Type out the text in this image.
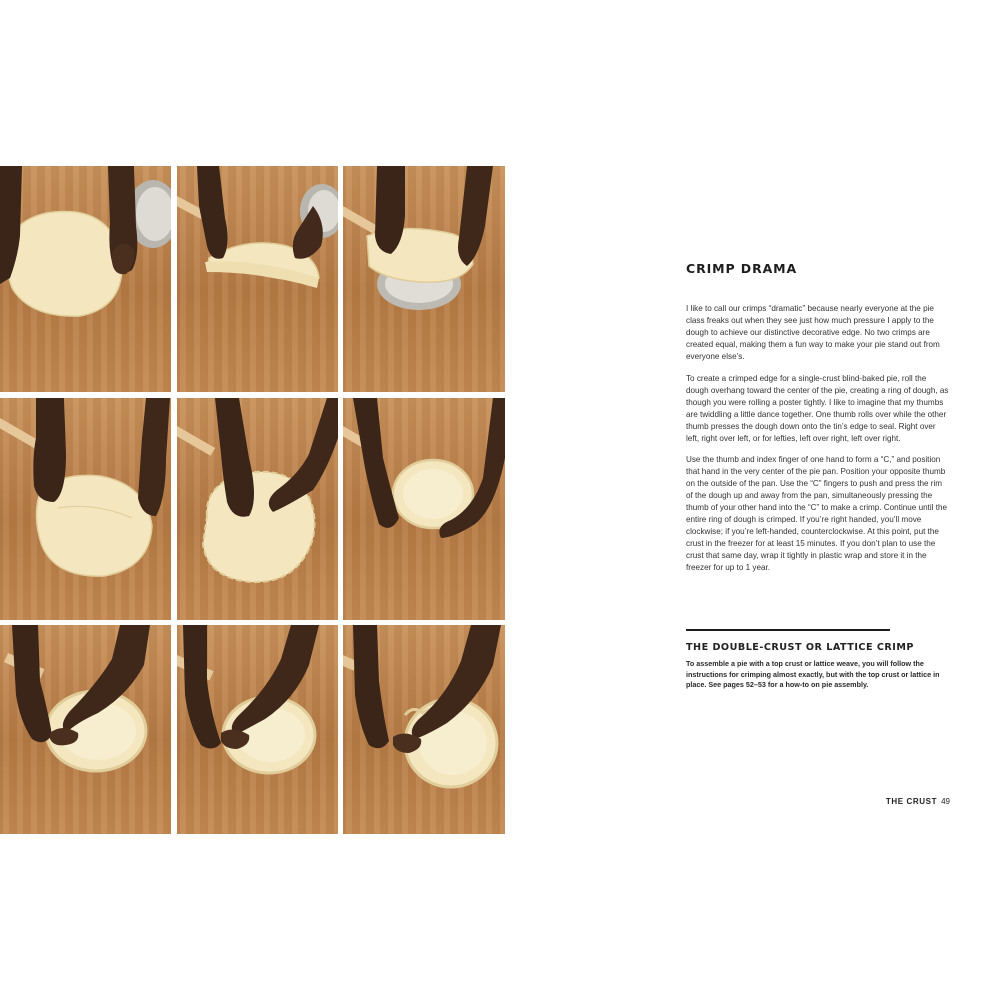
CRIMP DRAMA

I like to call our crimps “dramatic” because nearly everyone at the pie class freaks out when they see just how much pressure I apply to the dough to achieve our distinctive decorative edge. No two crimps are created equal, making them a fun way to make your pie stand out from everyone else’s.

To create a crimped edge for a single-crust blind-baked pie, roll the dough overhang toward the center of the pie, creating a ring of dough, as though you were rolling a poster tightly. I like to imagine that my thumbs are twiddling a little dance together. One thumb rolls over while the other thumb presses the dough down onto the tin’s edge to seal. Right over left, right over left, or for lefties, left over right, left over right.

Use the thumb and index finger of one hand to form a “C,” and position that hand in the very center of the pie pan. Position your opposite thumb on the outside of the pan. Use the “C” fingers to push and press the rim of the dough up and away from the pan, simultaneously pressing the thumb of your other hand into the “C” to make a crimp. Continue until the entire ring of dough is crimped. If you’re right handed, you’ll move clockwise; if you’re left-handed, counterclockwise. At this point, put the crust in the freezer for at least 15 minutes. If you don’t plan to use the crust that same day, wrap it tightly in plastic wrap and store it in the freezer for up to 1 year.

THE DOUBLE-CRUST OR LATTICE CRIMP
To assemble a pie with a top crust or lattice weave, you will follow the instructions for crimping almost exactly, but with the top crust or lattice in place. See pages 52–53 for a how-to on pie assembly.
THE CRUST 49
